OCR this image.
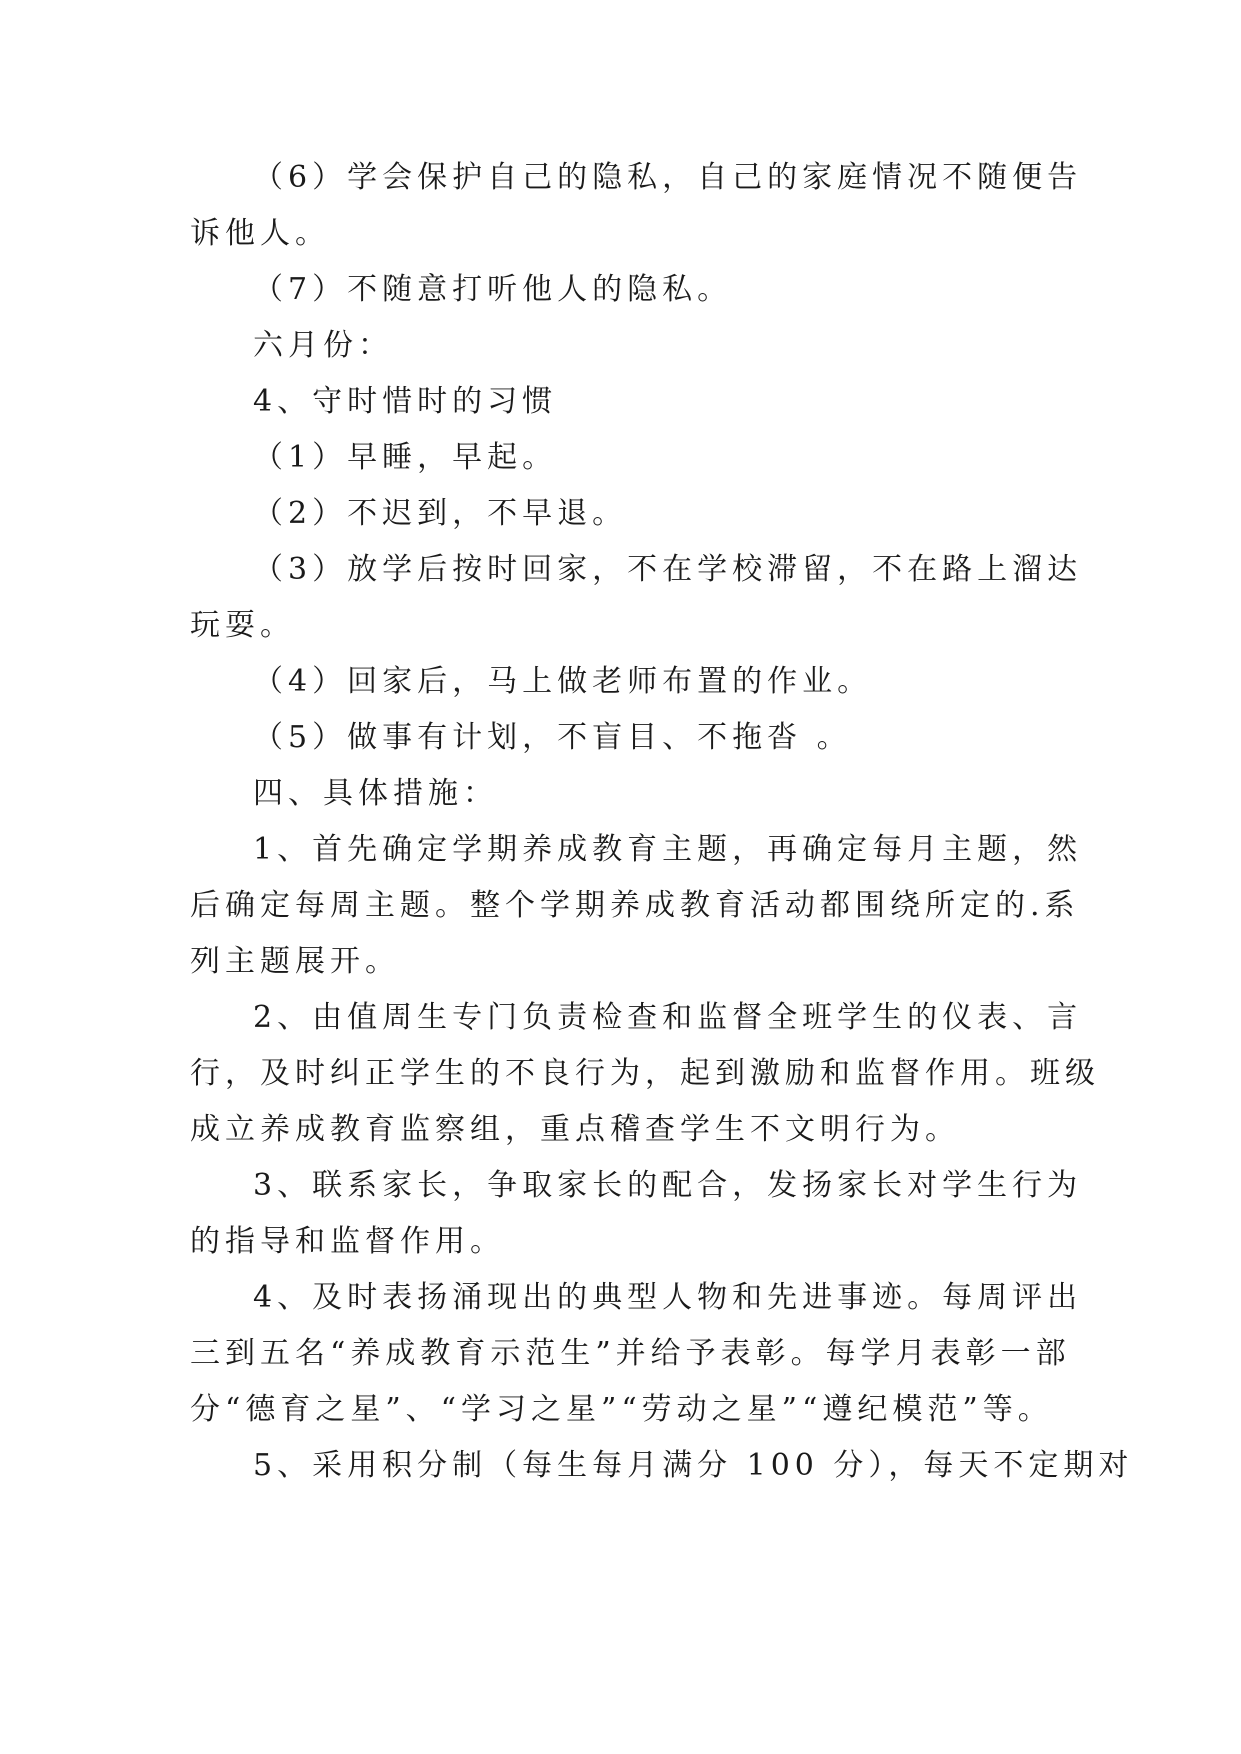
（6）学会保护自己的隐私，自己的家庭情况不随便告
诉他人。
（7）不随意打听他人的隐私。
六月份：
4、守时惜时的习惯
（1）早睡，早起。
（2）不迟到，不早退。
（3）放学后按时回家，不在学校滞留，不在路上溜达
玩耍。
（4）回家后，马上做老师布置的作业。
（5）做事有计划，不盲目、不拖沓 。
四、具体措施：
1、首先确定学期养成教育主题，再确定每月主题，然
后确定每周主题。整个学期养成教育活动都围绕所定的.系
列主题展开。
2、由值周生专门负责检查和监督全班学生的仪表、言
行，及时纠正学生的不良行为，起到激励和监督作用。班级
成立养成教育监察组，重点稽查学生不文明行为。
3、联系家长，争取家长的配合，发扬家长对学生行为
的指导和监督作用。
4、及时表扬涌现出的典型人物和先进事迹。每周评出
三到五名“养成教育示范生”并给予表彰。每学月表彰一部
分“德育之星”、“学习之星”“劳动之星”“遵纪模范”等。
5、采用积分制（每生每月满分 100 分），每天不定期对
